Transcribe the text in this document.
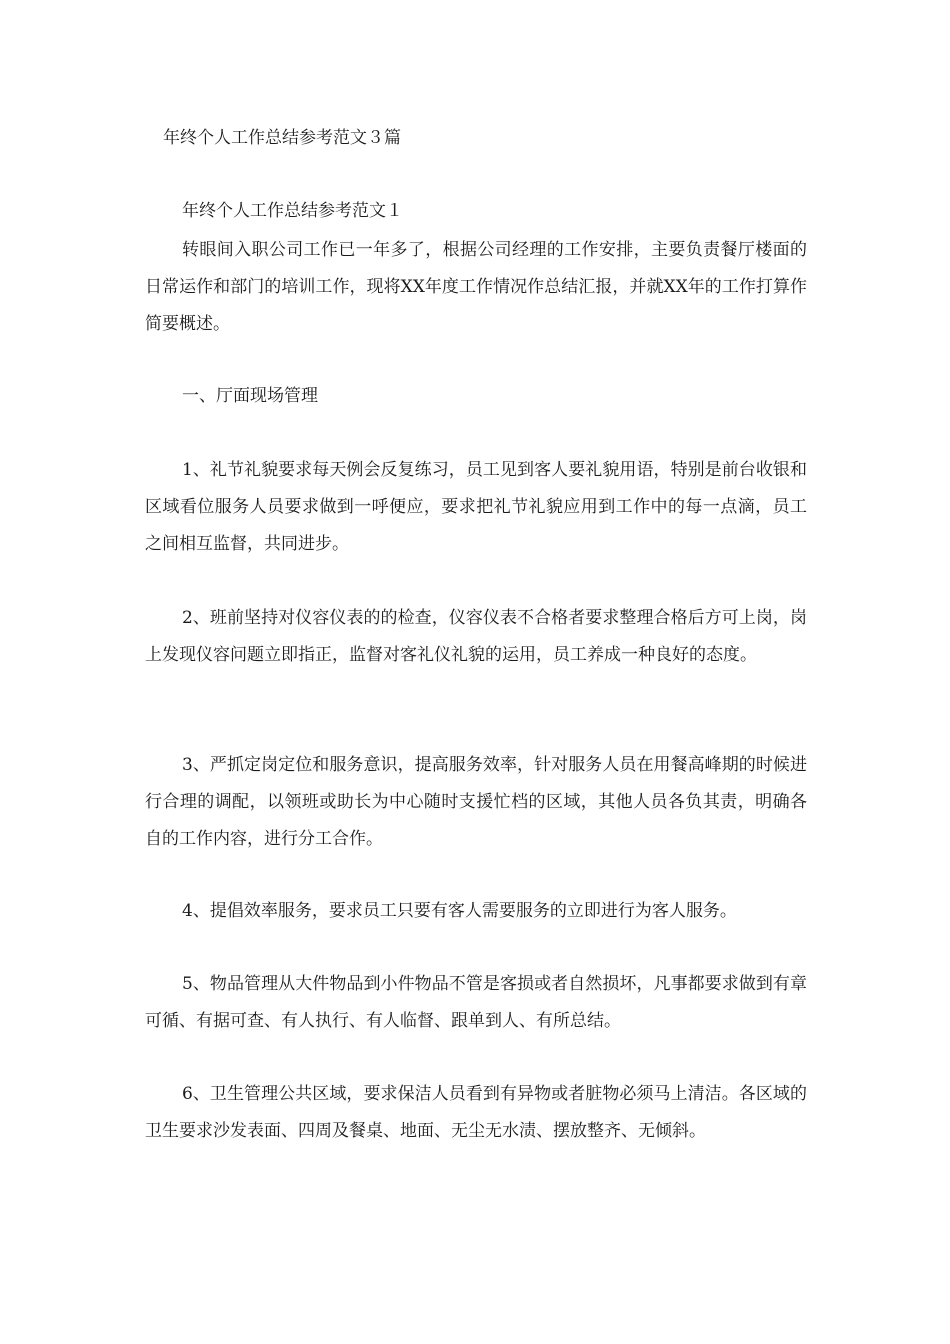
年终个人工作总结参考范文３篇
年终个人工作总结参考范文１

转眼间入职公司工作已一年多了，根据公司经理的工作安排，主要负责餐厅楼面的日常运作和部门的培训工作，现将XX年度工作情况作总结汇报，并就XX年的工作打算作简要概述。

一、厅面现场管理

1、礼节礼貌要求每天例会反复练习，员工见到客人要礼貌用语，特别是前台收银和区域看位服务人员要求做到一呼便应，要求把礼节礼貌应用到工作中的每一点滴，员工之间相互监督，共同进步。

2、班前坚持对仪容仪表的的检查，仪容仪表不合格者要求整理合格后方可上岗，岗上发现仪容问题立即指正，监督对客礼仪礼貌的运用，员工养成一种良好的态度。

3、严抓定岗定位和服务意识，提高服务效率，针对服务人员在用餐高峰期的时候进行合理的调配，以领班或助长为中心随时支援忙档的区域，其他人员各负其责，明确各自的工作内容，进行分工合作。

4、提倡效率服务，要求员工只要有客人需要服务的立即进行为客人服务。

5、物品管理从大件物品到小件物品不管是客损或者自然损坏，凡事都要求做到有章可循、有据可查、有人执行、有人临督、跟单到人、有所总结。

6、卫生管理公共区域，要求保洁人员看到有异物或者脏物必须马上清洁。各区域的卫生要求沙发表面、四周及餐桌、地面、无尘无水渍、摆放整齐、无倾斜。
